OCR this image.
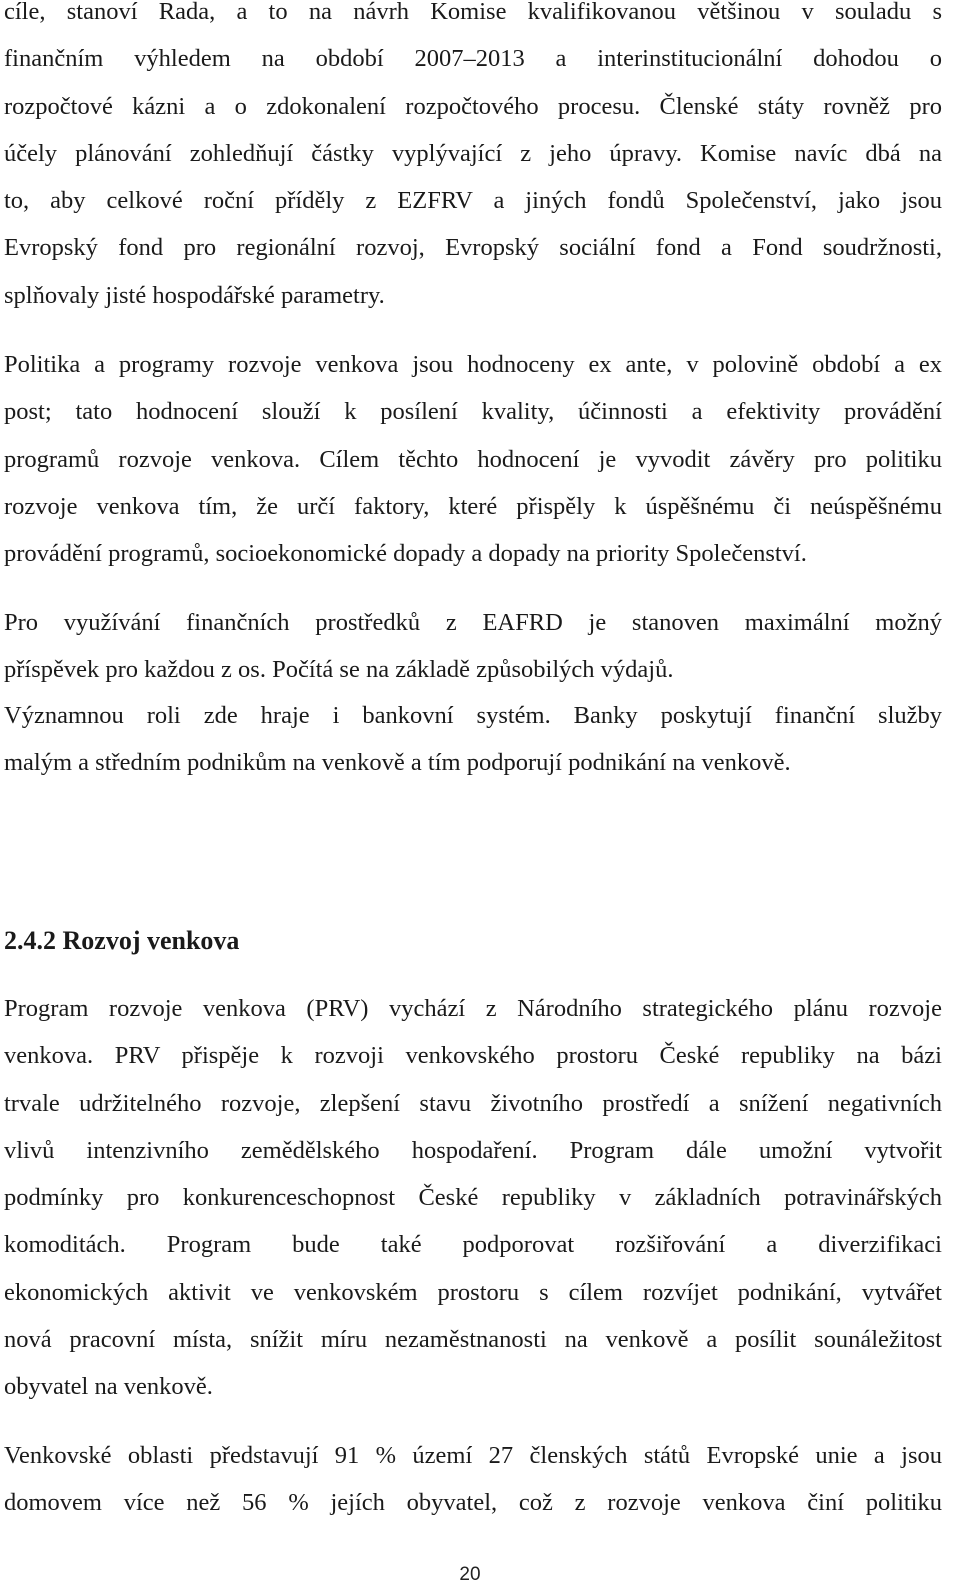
cíle, stanoví Rada, a to na návrh Komise kvalifikovanou většinou v souladu s
finančním výhledem na období 2007–2013 a interinstitucionální dohodou o
rozpočtové kázni a o zdokonalení rozpočtového procesu. Členské státy rovněž pro
účely plánování zohledňují částky vyplývající z jeho úpravy. Komise navíc dbá na
to, aby celkové roční příděly z EZFRV a jiných fondů Společenství, jako jsou
Evropský fond pro regionální rozvoj, Evropský sociální fond a Fond soudržnosti,
splňovaly jisté hospodářské parametry.

Politika a programy rozvoje venkova jsou hodnoceny ex ante, v polovině období a ex
post; tato hodnocení slouží k posílení kvality, účinnosti a efektivity provádění
programů rozvoje venkova. Cílem těchto hodnocení je vyvodit závěry pro politiku
rozvoje venkova tím, že určí faktory, které přispěly k úspěšnému či neúspěšnému
provádění programů, socioekonomické dopady a dopady na priority Společenství.

Pro využívání finančních prostředků z EAFRD je stanoven maximální možný
příspěvek pro každou z os. Počítá se na základě způsobilých výdajů.

Významnou roli zde hraje i bankovní systém. Banky poskytují finanční služby
malým a středním podnikům na venkově a tím podporují podnikání na venkově.

2.4.2 Rozvoj venkova

Program rozvoje venkova (PRV) vychází z Národního strategického plánu rozvoje
venkova. PRV přispěje k rozvoji venkovského prostoru České republiky na bázi
trvale udržitelného rozvoje, zlepšení stavu životního prostředí a snížení negativních
vlivů intenzivního zemědělského hospodaření. Program dále umožní vytvořit
podmínky pro konkurenceschopnost České republiky v základních potravinářských
komoditách. Program bude také podporovat rozšiřování a diverzifikaci
ekonomických aktivit ve venkovském prostoru s cílem rozvíjet podnikání, vytvářet
nová pracovní místa, snížit míru nezaměstnanosti na venkově a posílit sounáležitost
obyvatel na venkově.

Venkovské oblasti představují 91 % území 27 členských států Evropské unie a jsou
domovem více než 56 % jejích obyvatel, což z rozvoje venkova činí politiku

20
